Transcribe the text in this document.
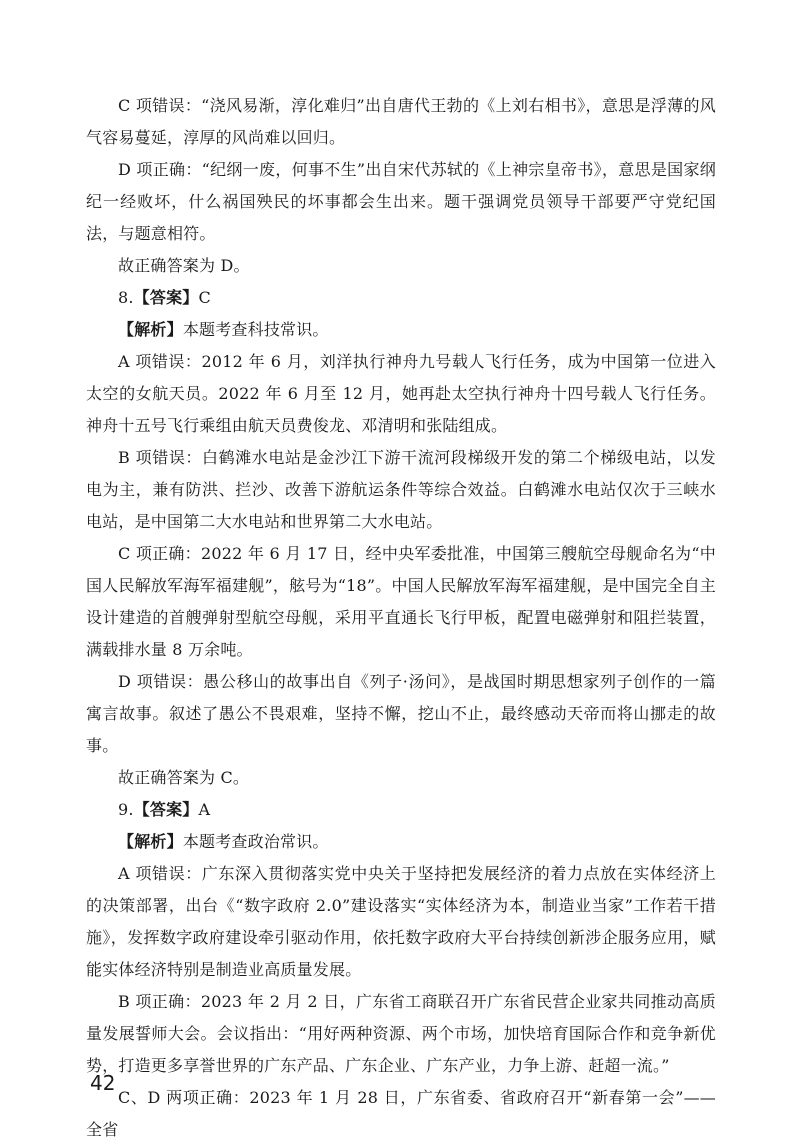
C 项错误：“浇风易渐，淳化难归”出自唐代王勃的《上刘右相书》，意思是浮薄的风气容易蔓延，淳厚的风尚难以回归。

D 项正确：“纪纲一废，何事不生”出自宋代苏轼的《上神宗皇帝书》，意思是国家纲纪一经败坏，什么祸国殃民的坏事都会生出来。题干强调党员领导干部要严守党纪国法，与题意相符。

故正确答案为 D。

8.【答案】C

【解析】本题考查科技常识。

A 项错误：2012 年 6 月，刘洋执行神舟九号载人飞行任务，成为中国第一位进入太空的女航天员。2022 年 6 月至 12 月，她再赴太空执行神舟十四号载人飞行任务。神舟十五号飞行乘组由航天员费俊龙、邓清明和张陆组成。

B 项错误：白鹤滩水电站是金沙江下游干流河段梯级开发的第二个梯级电站，以发电为主，兼有防洪、拦沙、改善下游航运条件等综合效益。白鹤滩水电站仅次于三峡水电站，是中国第二大水电站和世界第二大水电站。

C 项正确：2022 年 6 月 17 日，经中央军委批准，中国第三艘航空母舰命名为“中国人民解放军海军福建舰”，舷号为“18”。中国人民解放军海军福建舰，是中国完全自主设计建造的首艘弹射型航空母舰，采用平直通长飞行甲板，配置电磁弹射和阻拦装置，满载排水量 8 万余吨。

D 项错误：愚公移山的故事出自《列子·汤问》，是战国时期思想家列子创作的一篇寓言故事。叙述了愚公不畏艰难，坚持不懈，挖山不止，最终感动天帝而将山挪走的故事。

故正确答案为 C。

9.【答案】A

【解析】本题考查政治常识。

A 项错误：广东深入贯彻落实党中央关于坚持把发展经济的着力点放在实体经济上的决策部署，出台《“数字政府 2.0”建设落实“实体经济为本，制造业当家”工作若干措施》，发挥数字政府建设牵引驱动作用，依托数字政府大平台持续创新涉企服务应用，赋能实体经济特别是制造业高质量发展。

B 项正确：2023 年 2 月 2 日，广东省工商联召开广东省民营企业家共同推动高质量发展誓师大会。会议指出：“用好两种资源、两个市场，加快培育国际合作和竞争新优势，打造更多享誉世界的广东产品、广东企业、广东产业，力争上游、赶超一流。”

C、D 两项正确：2023 年 1 月 28 日，广东省委、省政府召开“新春第一会”——全省

42
